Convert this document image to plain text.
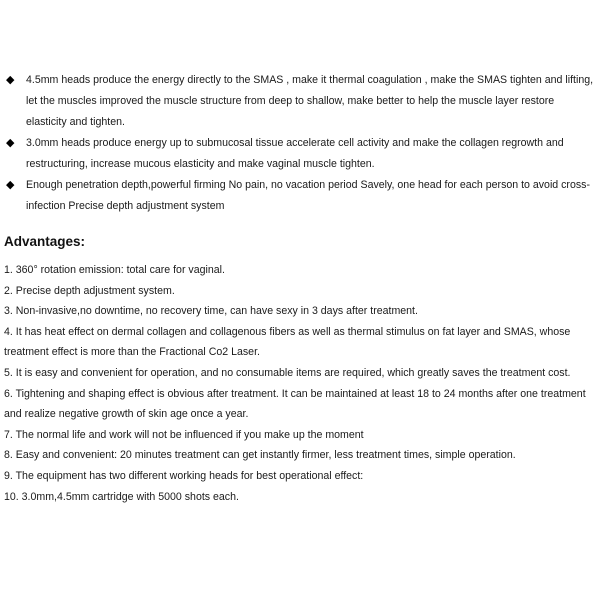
◆ 4.5mm heads produce the energy directly to the SMAS , make it thermal coagulation , make the SMAS tighten and lifting, let the muscles improved the muscle structure from deep to shallow, make better to help the muscle layer restore elasticity and tighten.

◆ 3.0mm heads produce energy up to submucosal tissue accelerate cell activity and make the collagen regrowth and restructuring, increase mucous elasticity and make vaginal muscle tighten.

◆ Enough penetration depth,powerful firming No pain, no vacation period Savely, one head for each person to avoid cross-infection Precise depth adjustment system

Advantages:
1. 360° rotation emission: total care for vaginal.
2. Precise depth adjustment system.
3. Non-invasive,no downtime, no recovery time, can have sexy in 3 days after treatment.
4. It has heat effect on dermal collagen and collagenous fibers as well as thermal stimulus on fat layer and SMAS, whose treatment effect is more than the Fractional Co2 Laser.
5. It is easy and convenient for operation, and no consumable items are required, which greatly saves the treatment cost.
6. Tightening and shaping effect is obvious after treatment. It can be maintained at least 18 to 24 months after one treatment and realize negative growth of skin age once a year.
7. The normal life and work will not be influenced if you make up the moment
8. Easy and convenient: 20 minutes treatment can get instantly firmer, less treatment times, simple operation.
9. The equipment has two different working heads for best operational effect:
10. 3.0mm,4.5mm cartridge with 5000 shots each.
